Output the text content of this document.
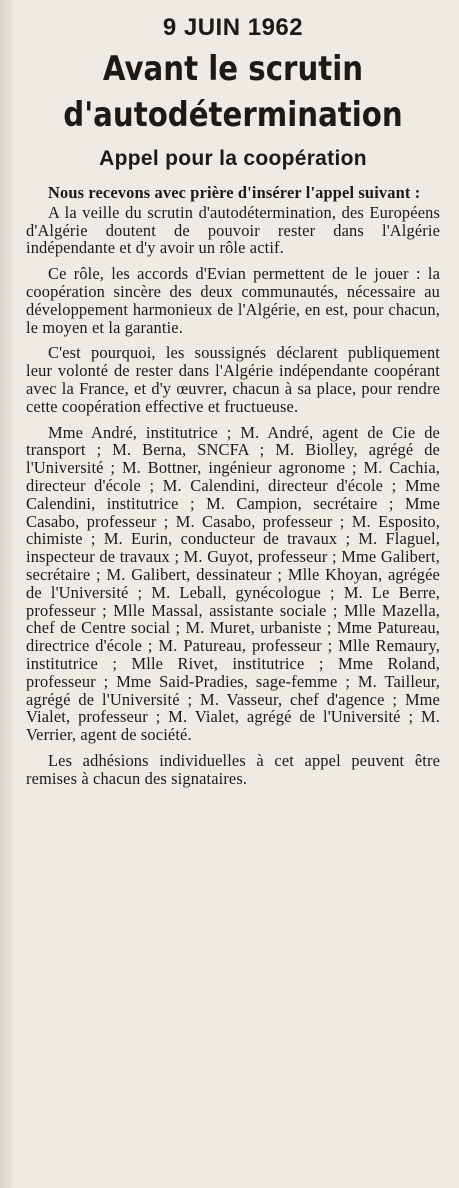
9 JUIN 1962
Avant le scrutin
d'autodétermination
Appel pour la coopération

Nous recevons avec prière d'insérer l'appel suivant :

A la veille du scrutin d'autodétermination, des Européens d'Algérie doutent de pouvoir rester dans l'Algérie indépendante et d'y avoir un rôle actif.

Ce rôle, les accords d'Evian permettent de le jouer : la coopération sincère des deux communautés, nécessaire au développement harmonieux de l'Algérie, en est, pour chacun, le moyen et la garantie.

C'est pourquoi, les soussignés déclarent publiquement leur volonté de rester dans l'Algérie indépendante coopérant avec la France, et d'y œuvrer, chacun à sa place, pour rendre cette coopération effective et fructueuse.

Mme André, institutrice ; M. André, agent de Cie de transport ; M. Berna, SNCFA ; M. Biolley, agrégé de l'Université ; M. Bottner, ingénieur agronome ; M. Cachia, directeur d'école ; M. Calendini, directeur d'école ; Mme Calendini, institutrice ; M. Campion, secrétaire ; Mme Casabo, professeur ; M. Casabo, professeur ; M. Esposito, chimiste ; M. Eurin, conducteur de travaux ; M. Flaguel, inspecteur de travaux ; M. Guyot, professeur ; Mme Galibert, secrétaire ; M. Galibert, dessinateur ; Mlle Khoyan, agrégée de l'Université ; M. Leball, gynécologue ; M. Le Berre, professeur ; Mlle Massal, assistante sociale ; Mlle Mazella, chef de Centre social ; M. Muret, urbaniste ; Mme Patureau, directrice d'école ; M. Patureau, professeur ; Mlle Remaury, institutrice ; Mlle Rivet, institutrice ; Mme Roland, professeur ; Mme Said-Pradies, sage-femme ; M. Tailleur, agrégé de l'Université ; M. Vasseur, chef d'agence ; Mme Vialet, professeur ; M. Vialet, agrégé de l'Université ; M. Verrier, agent de société.

Les adhésions individuelles à cet appel peuvent être remises à chacun des signataires.
